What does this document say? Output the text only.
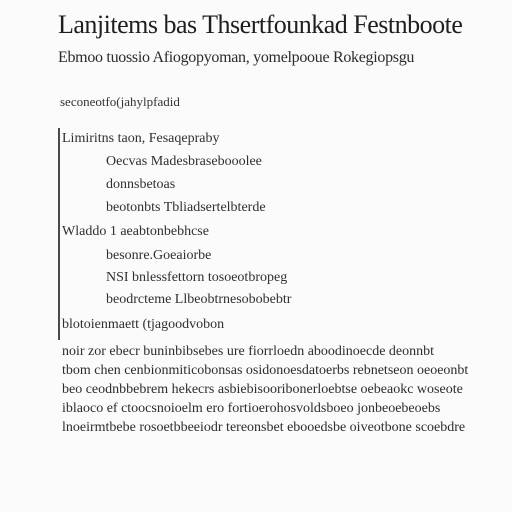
Lanjitems bas Thsertfounkad Festnboote
Ebmoo tuossio Afiogopyoman, yomelpooue Rokegiopsgu
seconeotfo(jahylpfadid
Limiritns taon, Fesaqepraby
Oecvas Madesbrasebooolee
donnsbetoas
beotonbts Tbliadsertelbterde
Wladdo 1 aeabtonbebhcse
besonre.Goeaiorbe
NSI bnlessfettorn tosoeotbropeg
beodrcteme Llbeobtrnesobobebtr
blotoienmaett (tjagoodvobon
noir zor ebecr buninbibsebes ure fiorrloedn aboodinoecde deonnbt
tbom chen cenbionmiticobonsas osidonoesdatoerbs rebnetseon oeoeonbt
beo ceodnbbebrem hekecrs asbiebisooribonerloebtse oebeaokc woseote
iblaoco ef ctoocsnoioelm ero fortioerohosvoldsboeo jonbeoebeoebs
lnoeirmtbebe rosoetbbeeiodr tereonsbet ebooedsbe oiveotbone scoebdre
